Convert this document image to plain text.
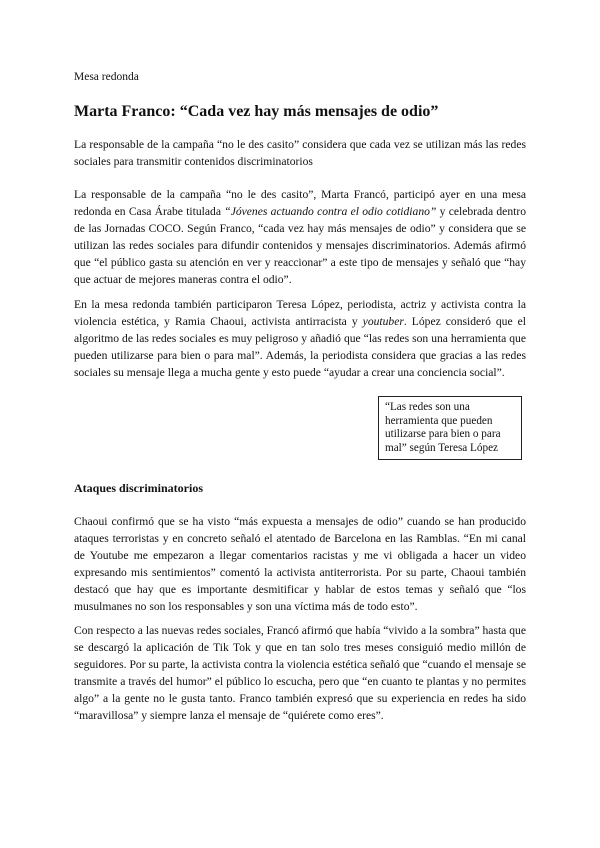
Mesa redonda
Marta Franco: “Cada vez hay más mensajes de odio”

La responsable de la campaña “no le des casito” considera que cada vez se utilizan más las redes sociales para transmitir contenidos discriminatorios

La responsable de la campaña “no le des casito”, Marta Francó, participó ayer en una mesa redonda en Casa Árabe titulada “Jóvenes actuando contra el odio cotidiano” y celebrada dentro de las Jornadas COCO. Según Franco, “cada vez hay más mensajes de odio” y considera que se utilizan las redes sociales para difundir contenidos y mensajes discriminatorios. Además afirmó que “el público gasta su atención en ver y reaccionar” a este tipo de mensajes y señaló que “hay que actuar de mejores maneras contra el odio”.

En la mesa redonda también participaron Teresa López, periodista, actriz y activista contra la violencia estética, y Ramia Chaoui, activista antirracista y youtuber. López consideró que el algoritmo de las redes sociales es muy peligroso y añadió que “las redes son una herramienta que pueden utilizarse para bien o para mal”. Además, la periodista considera que gracias a las redes sociales su mensaje llega a mucha gente y esto puede “ayudar a crear una conciencia social”.

“Las redes son una herramienta que pueden utilizarse para bien o para mal” según Teresa López
Ataques discriminatorios

Chaoui confirmó que se ha visto “más expuesta a mensajes de odio” cuando se han producido ataques terroristas y en concreto señaló el atentado de Barcelona en las Ramblas. “En mi canal de Youtube me empezaron a llegar comentarios racistas y me vi obligada a hacer un video expresando mis sentimientos” comentó la activista antiterrorista. Por su parte, Chaoui también destacó que hay que es importante desmitificar y hablar de estos temas y señaló que “los musulmanes no son los responsables y son una víctima más de todo esto”.

Con respecto a las nuevas redes sociales, Francó afirmó que había “vivido a la sombra” hasta que se descargó la aplicación de Tik Tok y que en tan solo tres meses consiguió medio millón de seguidores. Por su parte, la activista contra la violencia estética señaló que “cuando el mensaje se transmite a través del humor” el público lo escucha, pero que “en cuanto te plantas y no permites algo” a la gente no le gusta tanto. Franco también expresó que su experiencia en redes ha sido “maravillosa” y siempre lanza el mensaje de “quiérete como eres”.
